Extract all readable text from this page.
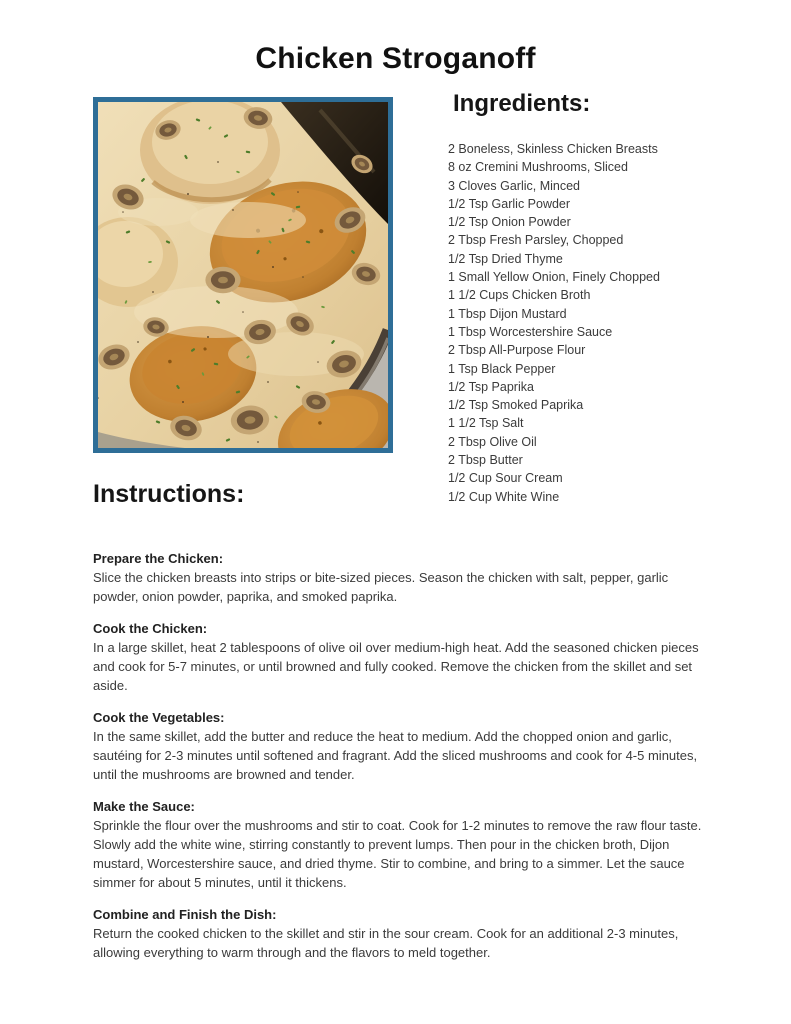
Chicken Stroganoff
Ingredients:
2 Boneless, Skinless Chicken Breasts
8 oz Cremini Mushrooms, Sliced
3 Cloves Garlic, Minced
1/2 Tsp Garlic Powder
1/2 Tsp Onion Powder
2 Tbsp Fresh Parsley, Chopped
1/2 Tsp Dried Thyme
1 Small Yellow Onion, Finely Chopped
1 1/2 Cups Chicken Broth
1 Tbsp Dijon Mustard
1 Tbsp Worcestershire Sauce
2 Tbsp All-Purpose Flour
1 Tsp Black Pepper
1/2 Tsp Paprika
1/2 Tsp Smoked Paprika
1 1/2 Tsp Salt
2 Tbsp Olive Oil
2 Tbsp Butter
1/2 Cup Sour Cream
1/2 Cup White Wine
Instructions:
Prepare the Chicken:
Slice the chicken breasts into strips or bite-sized pieces. Season the chicken with salt, pepper, garlic powder, onion powder, paprika, and smoked paprika.
Cook the Chicken:
In a large skillet, heat 2 tablespoons of olive oil over medium-high heat. Add the seasoned chicken pieces and cook for 5-7 minutes, or until browned and fully cooked. Remove the chicken from the skillet and set aside.
Cook the Vegetables:
In the same skillet, add the butter and reduce the heat to medium. Add the chopped onion and garlic, sautéing for 2-3 minutes until softened and fragrant. Add the sliced mushrooms and cook for 4-5 minutes, until the mushrooms are browned and tender.
Make the Sauce:
Sprinkle the flour over the mushrooms and stir to coat. Cook for 1-2 minutes to remove the raw flour taste. Slowly add the white wine, stirring constantly to prevent lumps. Then pour in the chicken broth, Dijon mustard, Worcestershire sauce, and dried thyme. Stir to combine, and bring to a simmer. Let the sauce simmer for about 5 minutes, until it thickens.
Combine and Finish the Dish:
Return the cooked chicken to the skillet and stir in the sour cream. Cook for an additional 2-3 minutes, allowing everything to warm through and the flavors to meld together.
